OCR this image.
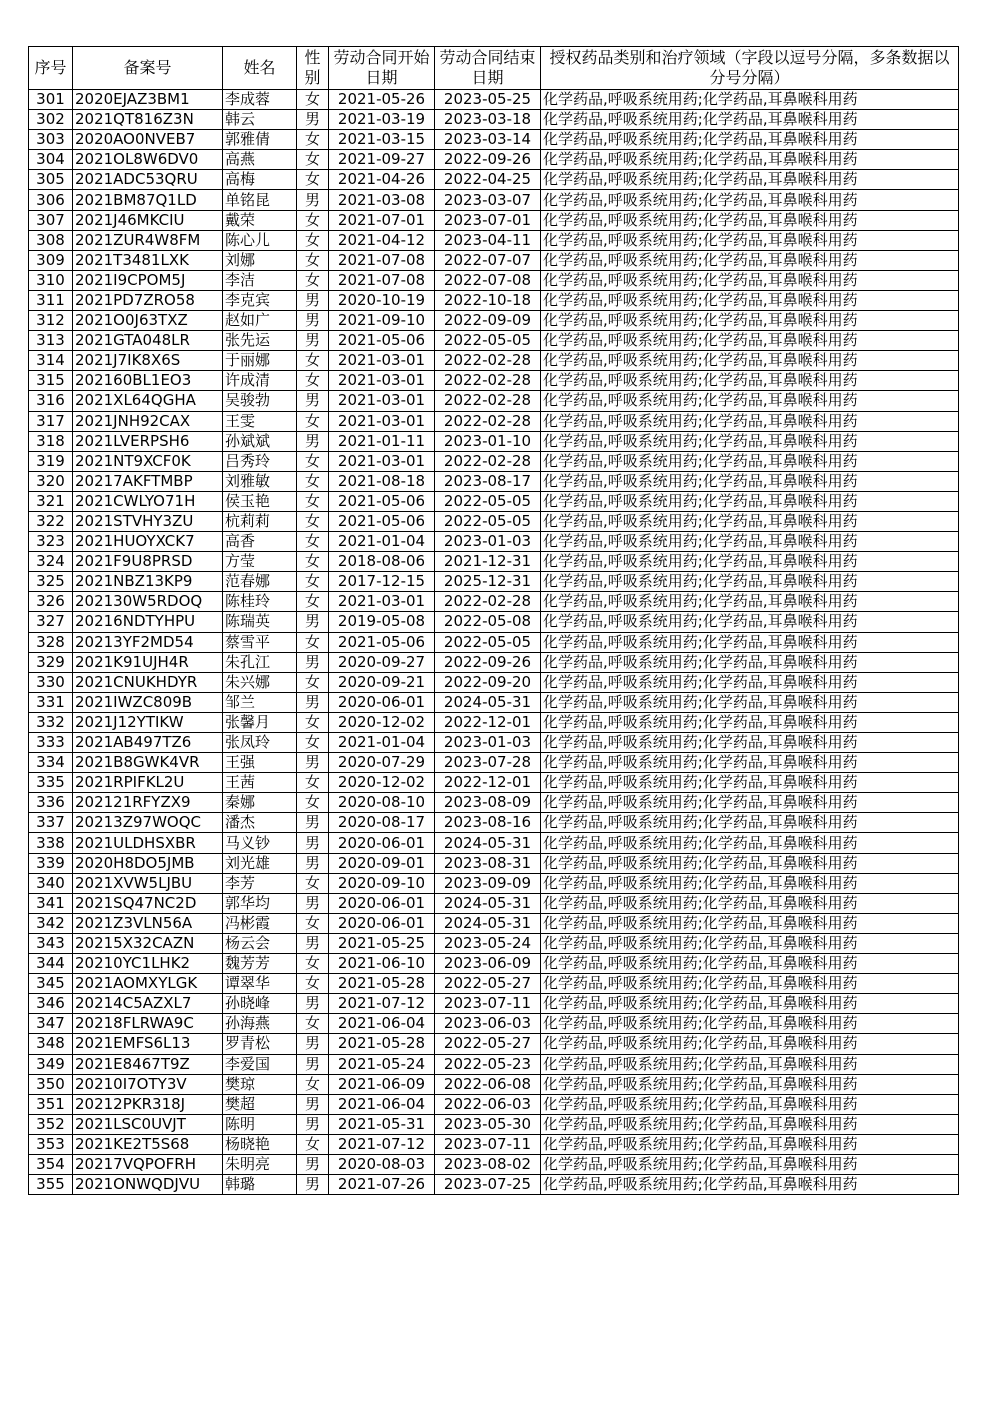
序号	备案号	姓名	性别	劳动合同开始日期	劳动合同结束日期	授权药品类别和治疗领域（字段以逗号分隔，多条数据以分号分隔）
301	2020EJAZ3BM1	李成蓉	女	2021-05-26	2023-05-25	化学药品,呼吸系统用药;化学药品,耳鼻喉科用药
302	2021QT816Z3N	韩云	男	2021-03-19	2023-03-18	化学药品,呼吸系统用药;化学药品,耳鼻喉科用药
303	2020AO0NVEB7	郭雅倩	女	2021-03-15	2023-03-14	化学药品,呼吸系统用药;化学药品,耳鼻喉科用药
304	2021OL8W6DV0	高燕	女	2021-09-27	2022-09-26	化学药品,呼吸系统用药;化学药品,耳鼻喉科用药
305	2021ADC53QRU	高梅	女	2021-04-26	2022-04-25	化学药品,呼吸系统用药;化学药品,耳鼻喉科用药
306	2021BM87Q1LD	单铭昆	男	2021-03-08	2023-03-07	化学药品,呼吸系统用药;化学药品,耳鼻喉科用药
307	2021J46MKCIU	戴荣	女	2021-07-01	2023-07-01	化学药品,呼吸系统用药;化学药品,耳鼻喉科用药
308	2021ZUR4W8FM	陈心儿	女	2021-04-12	2023-04-11	化学药品,呼吸系统用药;化学药品,耳鼻喉科用药
309	2021T3481LXK	刘娜	女	2021-07-08	2022-07-07	化学药品,呼吸系统用药;化学药品,耳鼻喉科用药
310	2021I9CPOM5J	李洁	女	2021-07-08	2022-07-08	化学药品,呼吸系统用药;化学药品,耳鼻喉科用药
311	2021PD7ZRO58	李克宾	男	2020-10-19	2022-10-18	化学药品,呼吸系统用药;化学药品,耳鼻喉科用药
312	2021O0J63TXZ	赵如广	男	2021-09-10	2022-09-09	化学药品,呼吸系统用药;化学药品,耳鼻喉科用药
313	2021GTA048LR	张先运	男	2021-05-06	2022-05-05	化学药品,呼吸系统用药;化学药品,耳鼻喉科用药
314	2021J7IK8X6S	于丽娜	女	2021-03-01	2022-02-28	化学药品,呼吸系统用药;化学药品,耳鼻喉科用药
315	202160BL1EO3	许成清	女	2021-03-01	2022-02-28	化学药品,呼吸系统用药;化学药品,耳鼻喉科用药
316	2021XL64QGHA	吴骏勃	男	2021-03-01	2022-02-28	化学药品,呼吸系统用药;化学药品,耳鼻喉科用药
317	2021JNH92CAX	王雯	女	2021-03-01	2022-02-28	化学药品,呼吸系统用药;化学药品,耳鼻喉科用药
318	2021LVERPSH6	孙斌斌	男	2021-01-11	2023-01-10	化学药品,呼吸系统用药;化学药品,耳鼻喉科用药
319	2021NT9XCF0K	吕秀玲	女	2021-03-01	2022-02-28	化学药品,呼吸系统用药;化学药品,耳鼻喉科用药
320	20217AKFTMBP	刘雅敏	女	2021-08-18	2023-08-17	化学药品,呼吸系统用药;化学药品,耳鼻喉科用药
321	2021CWLYO71H	侯玉艳	女	2021-05-06	2022-05-05	化学药品,呼吸系统用药;化学药品,耳鼻喉科用药
322	2021STVHY3ZU	杭莉莉	女	2021-05-06	2022-05-05	化学药品,呼吸系统用药;化学药品,耳鼻喉科用药
323	2021HUOYXCK7	高香	女	2021-01-04	2023-01-03	化学药品,呼吸系统用药;化学药品,耳鼻喉科用药
324	2021F9U8PRSD	方莹	女	2018-08-06	2021-12-31	化学药品,呼吸系统用药;化学药品,耳鼻喉科用药
325	2021NBZ13KP9	范春娜	女	2017-12-15	2025-12-31	化学药品,呼吸系统用药;化学药品,耳鼻喉科用药
326	202130W5RDOQ	陈桂玲	女	2021-03-01	2022-02-28	化学药品,呼吸系统用药;化学药品,耳鼻喉科用药
327	20216NDTYHPU	陈瑞英	男	2019-05-08	2022-05-08	化学药品,呼吸系统用药;化学药品,耳鼻喉科用药
328	20213YF2MD54	蔡雪平	女	2021-05-06	2022-05-05	化学药品,呼吸系统用药;化学药品,耳鼻喉科用药
329	2021K91UJH4R	朱孔江	男	2020-09-27	2022-09-26	化学药品,呼吸系统用药;化学药品,耳鼻喉科用药
330	2021CNUKHDYR	朱兴娜	女	2020-09-21	2022-09-20	化学药品,呼吸系统用药;化学药品,耳鼻喉科用药
331	2021IWZC809B	邹兰	男	2020-06-01	2024-05-31	化学药品,呼吸系统用药;化学药品,耳鼻喉科用药
332	2021J12YTIKW	张馨月	女	2020-12-02	2022-12-01	化学药品,呼吸系统用药;化学药品,耳鼻喉科用药
333	2021AB497TZ6	张凤玲	女	2021-01-04	2023-01-03	化学药品,呼吸系统用药;化学药品,耳鼻喉科用药
334	2021B8GWK4VR	王强	男	2020-07-29	2023-07-28	化学药品,呼吸系统用药;化学药品,耳鼻喉科用药
335	2021RPIFKL2U	王茜	女	2020-12-02	2022-12-01	化学药品,呼吸系统用药;化学药品,耳鼻喉科用药
336	202121RFYZX9	秦娜	女	2020-08-10	2023-08-09	化学药品,呼吸系统用药;化学药品,耳鼻喉科用药
337	20213Z97WOQC	潘杰	男	2020-08-17	2023-08-16	化学药品,呼吸系统用药;化学药品,耳鼻喉科用药
338	2021ULDHSXBR	马义钞	男	2020-06-01	2024-05-31	化学药品,呼吸系统用药;化学药品,耳鼻喉科用药
339	2020H8DO5JMB	刘光雄	男	2020-09-01	2023-08-31	化学药品,呼吸系统用药;化学药品,耳鼻喉科用药
340	2021XVW5LJBU	李芳	女	2020-09-10	2023-09-09	化学药品,呼吸系统用药;化学药品,耳鼻喉科用药
341	2021SQ47NC2D	郭华均	男	2020-06-01	2024-05-31	化学药品,呼吸系统用药;化学药品,耳鼻喉科用药
342	2021Z3VLN56A	冯彬霞	女	2020-06-01	2024-05-31	化学药品,呼吸系统用药;化学药品,耳鼻喉科用药
343	20215X32CAZN	杨云会	男	2021-05-25	2023-05-24	化学药品,呼吸系统用药;化学药品,耳鼻喉科用药
344	20210YC1LHK2	魏芳芳	女	2021-06-10	2023-06-09	化学药品,呼吸系统用药;化学药品,耳鼻喉科用药
345	2021AOMXYLGK	谭翠华	女	2021-05-28	2022-05-27	化学药品,呼吸系统用药;化学药品,耳鼻喉科用药
346	20214C5AZXL7	孙晓峰	男	2021-07-12	2023-07-11	化学药品,呼吸系统用药;化学药品,耳鼻喉科用药
347	20218FLRWA9C	孙海燕	女	2021-06-04	2023-06-03	化学药品,呼吸系统用药;化学药品,耳鼻喉科用药
348	2021EMFS6L13	罗青松	男	2021-05-28	2022-05-27	化学药品,呼吸系统用药;化学药品,耳鼻喉科用药
349	2021E8467T9Z	李爱国	男	2021-05-24	2022-05-23	化学药品,呼吸系统用药;化学药品,耳鼻喉科用药
350	20210I7OTY3V	樊琼	女	2021-06-09	2022-06-08	化学药品,呼吸系统用药;化学药品,耳鼻喉科用药
351	20212PKR318J	樊超	男	2021-06-04	2022-06-03	化学药品,呼吸系统用药;化学药品,耳鼻喉科用药
352	2021LSC0UVJT	陈明	男	2021-05-31	2023-05-30	化学药品,呼吸系统用药;化学药品,耳鼻喉科用药
353	2021KE2T5S68	杨晓艳	女	2021-07-12	2023-07-11	化学药品,呼吸系统用药;化学药品,耳鼻喉科用药
354	20217VQPOFRH	朱明亮	男	2020-08-03	2023-08-02	化学药品,呼吸系统用药;化学药品,耳鼻喉科用药
355	2021ONWQDJVU	韩璐	男	2021-07-26	2023-07-25	化学药品,呼吸系统用药;化学药品,耳鼻喉科用药
